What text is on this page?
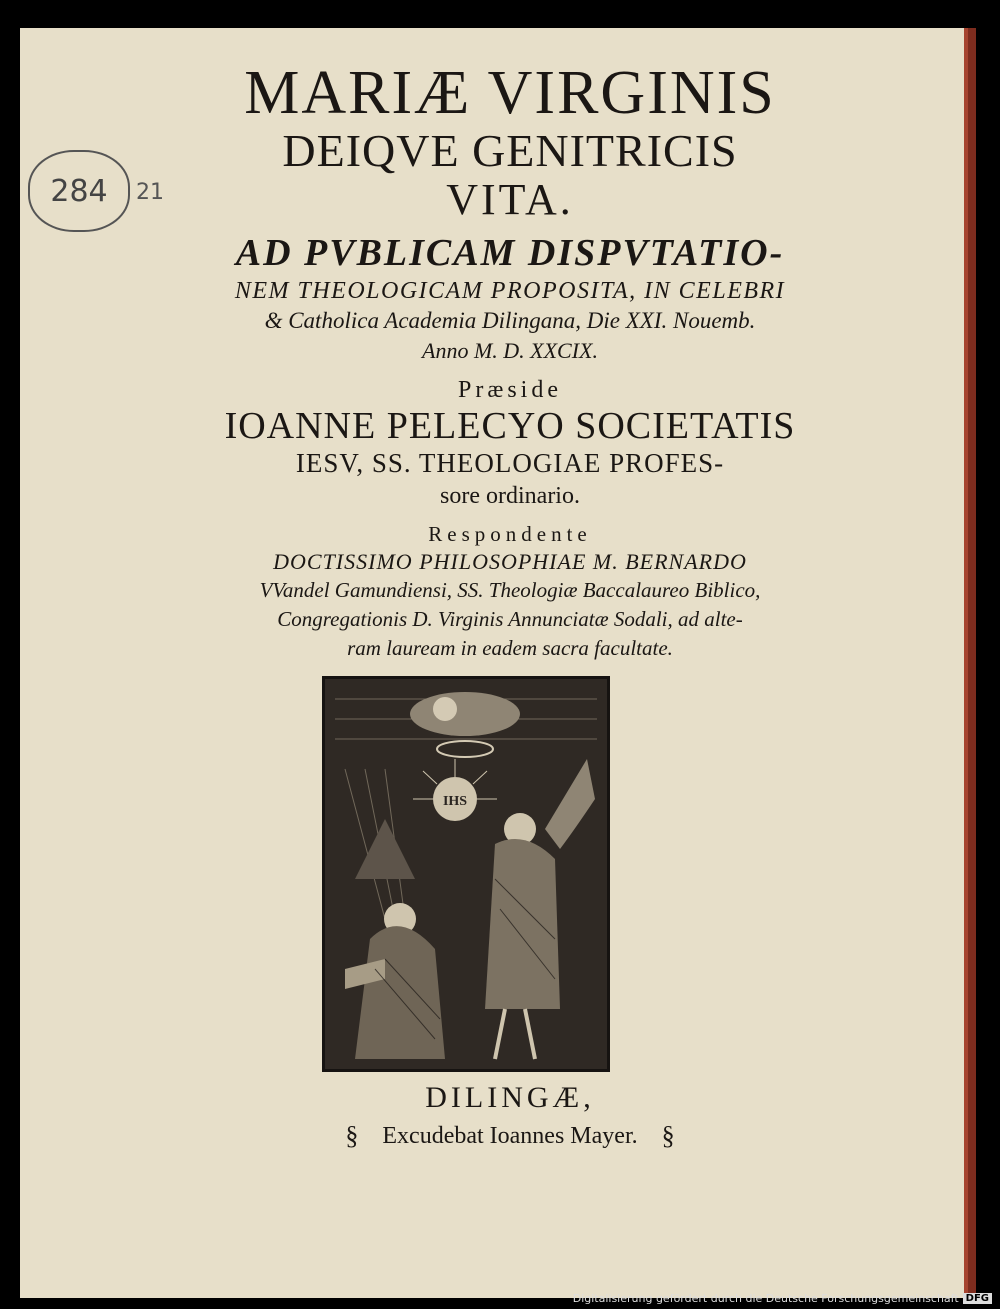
284 21
MARIÆ VIRGINIS
DEIQVE GENITRICIS
VITA.
AD PVBLICAM DISPVTATIO-
NEM THEOLOGICAM PROPOSITA, IN CELEBRI
& Catholica Academia Dilingana, Die XXI. Nouemb.
Anno M. D. XXCIX.
Præside
IOANNE PELECYO SOCIETATIS
IESV, SS. THEOLOGIAE PROFES-
sore ordinario.
Respondente
DOCTISSIMO PHILOSOPHIAE M. BERNARDO
VVandel Gamundiensi, SS. Theologiæ Baccalaureo Biblico,
Congregationis D. Virginis Annunciatæ Sodali, ad alte-
ram lauream in eadem sacra facultate.
IHS
DILINGÆ,
§ Excudebat Ioannes Mayer. §
Digitalisierung gefördert durch die Deutsche Forschungsgemeinschaft DFG
